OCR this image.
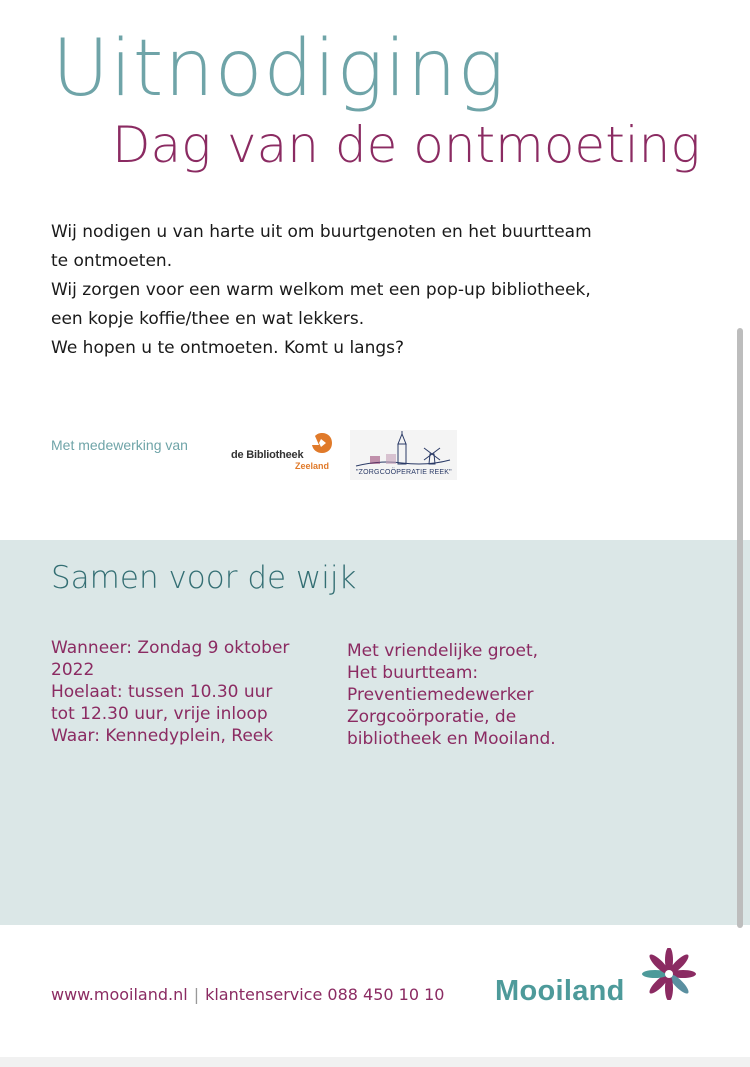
Uitnodiging
Dag van de ontmoeting

Wij nodigen u van harte uit om buurtgenoten en het buurtteam

te ontmoeten.

Wij zorgen voor een warm welkom met een pop-up bibliotheek,

een kopje koffie/thee en wat lekkers.

We hopen u te ontmoeten. Komt u langs?

Met medewerking van
de Bibliotheek
Zeeland
"ZORGCOÖPERATIE REEK"
Samen voor de wijk

Wanneer: Zondag 9 oktober

2022

Hoelaat: tussen 10.30 uur

tot 12.30 uur, vrije inloop

Waar: Kennedyplein, Reek

Met vriendelijke groet,

Het buurtteam:

Preventiemedewerker

Zorgcoörporatie, de

bibliotheek en Mooiland.

www.mooiland.nl | klantenservice 088 450 10 10 Mooiland
